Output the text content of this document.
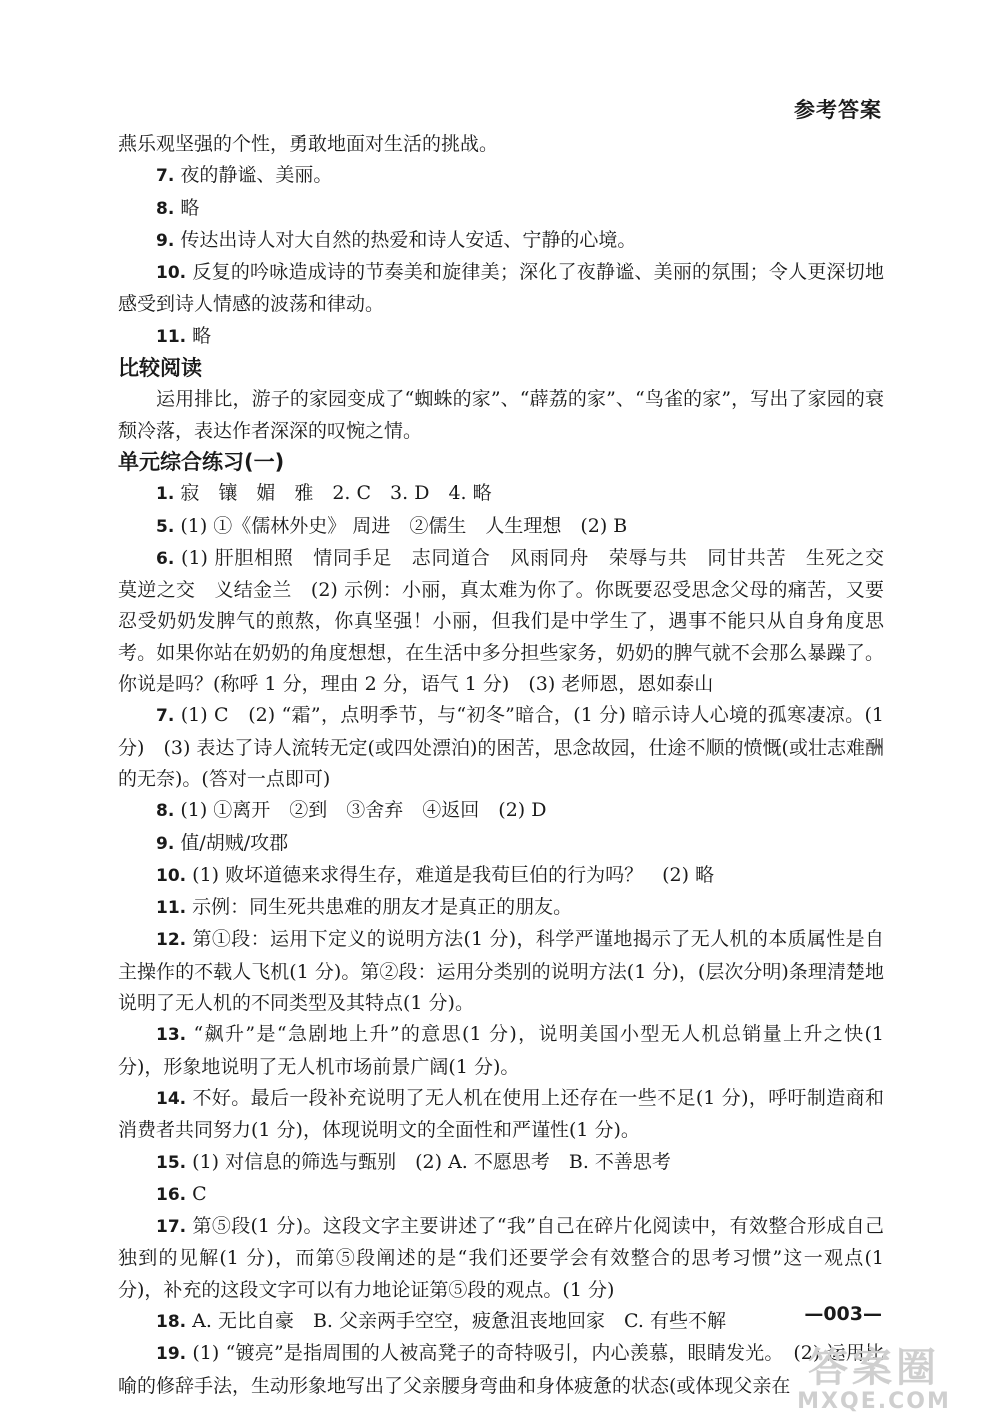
参考答案

燕乐观坚强的个性，勇敢地面对生活的挑战。

7. 夜的静谧、美丽。

8. 略

9. 传达出诗人对大自然的热爱和诗人安适、宁静的心境。

10. 反复的吟咏造成诗的节奏美和旋律美；深化了夜静谧、美丽的氛围；令人更深切地感受到诗人情感的波荡和律动。

11. 略

比较阅读

运用排比，游子的家园变成了“蜘蛛的家”、“薜荔的家”、“鸟雀的家”，写出了家园的衰颓冷落，表达作者深深的叹惋之情。

单元综合练习(一)

1. 寂　镶　媚　雅　2. C　3. D　4. 略

5. (1) ①《儒林外史》 周进　②儒生　人生理想　(2) B

6. (1) 肝胆相照　情同手足　志同道合　风雨同舟　荣辱与共　同甘共苦　生死之交　莫逆之交　义结金兰　(2) 示例：小丽，真太难为你了。你既要忍受思念父母的痛苦，又要忍受奶奶发脾气的煎熬，你真坚强！小丽，但我们是中学生了，遇事不能只从自身角度思考。如果你站在奶奶的角度想想，在生活中多分担些家务，奶奶的脾气就不会那么暴躁了。你说是吗？(称呼 1 分，理由 2 分，语气 1 分)　(3) 老师恩，恩如泰山

7. (1) C　(2) “霜”，点明季节，与“初冬”暗合，(1 分) 暗示诗人心境的孤寒凄凉。(1 分)　(3) 表达了诗人流转无定(或四处漂泊)的困苦，思念故园，仕途不顺的愤慨(或壮志难酬的无奈)。(答对一点即可)

8. (1) ①离开　②到　③舍弃　④返回　(2) D

9. 值/胡贼/攻郡

10. (1) 败坏道德来求得生存，难道是我荀巨伯的行为吗？　(2) 略

11. 示例：同生死共患难的朋友才是真正的朋友。

12. 第①段：运用下定义的说明方法(1 分)，科学严谨地揭示了无人机的本质属性是自主操作的不载人飞机(1 分)。第②段：运用分类别的说明方法(1 分)，(层次分明)条理清楚地说明了无人机的不同类型及其特点(1 分)。

13. “飙升”是“急剧地上升”的意思(1 分)，说明美国小型无人机总销量上升之快(1 分)，形象地说明了无人机市场前景广阔(1 分)。

14. 不好。最后一段补充说明了无人机在使用上还存在一些不足(1 分)，呼吁制造商和消费者共同努力(1 分)，体现说明文的全面性和严谨性(1 分)。

15. (1) 对信息的筛选与甄别　(2) A. 不愿思考　B. 不善思考

16. C

17. 第⑤段(1 分)。这段文字主要讲述了“我”自己在碎片化阅读中，有效整合形成自己独到的见解(1 分)，而第⑤段阐述的是“我们还要学会有效整合的思考习惯”这一观点(1 分)，补充的这段文字可以有力地论证第⑤段的观点。(1 分)

18. A. 无比自豪　B. 父亲两手空空，疲惫沮丧地回家　C. 有些不解

19. (1) “镀亮”是指周围的人被高凳子的奇特吸引，内心羡慕，眼睛发光。　(2) 运用比喻的修辞手法，生动形象地写出了父亲腰身弯曲和身体疲惫的状态(或体现父亲在

—003—
答案圈
MXQE.COM
